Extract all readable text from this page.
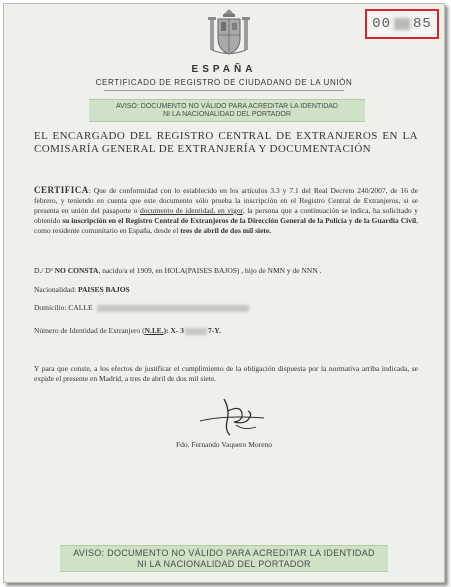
00 85
ESPAÑA
CERTIFICADO DE REGISTRO DE CIUDADANO DE LA UNIÓN
AVISO: DOCUMENTO NO VÁLIDO PARA ACREDITAR LA IDENTIDAD
NI LA NACIONALIDAD DEL PORTADOR
EL ENCARGADO DEL REGISTRO CENTRAL DE EXTRANJEROS EN LA COMISARÍA GENERAL DE EXTRANJERÍA Y DOCUMENTACIÓN
CERTIFICA: Que de conformidad con lo establecido en los artículos 3.3 y 7.1 del Real Decreto 240/2007, de 16 de febrero, y teniendo en cuenta que este documento sólo prueba la inscripción en el Registro Central de Extranjeros, si se presenta en unión del pasaporte o documento de identidad, en vigor, la persona que a continuación se indica, ha solicitado y obtenido su inscripción en el Registro Central de Extranjeros de la Dirección General de la Policía y de la Guardia Civil, como residente comunitario en España, desde el tres de abril de dos mil siete.
D./ Dª NO CONSTA, nacido/a el 1909, en HOLA(PAISES BAJOS) , hijo de NMN y de NNN .
Nacionalidad: PAISES BAJOS
Domicilio: CALLE
Número de Identidad de Extranjero (N.I.E.): X- 3	7-Y.
Y para que conste, a los efectos de justificar el cumplimiento de la obligación dispuesta por la normativa arriba indicada, se expide el presente en Madrid, a tres de abril de dos mil siete.
Fdo. Fernando Vaquero Moreno
AVISO: DOCUMENTO NO VÁLIDO PARA ACREDITAR LA IDENTIDAD
NI LA NACIONALIDAD DEL PORTADOR
